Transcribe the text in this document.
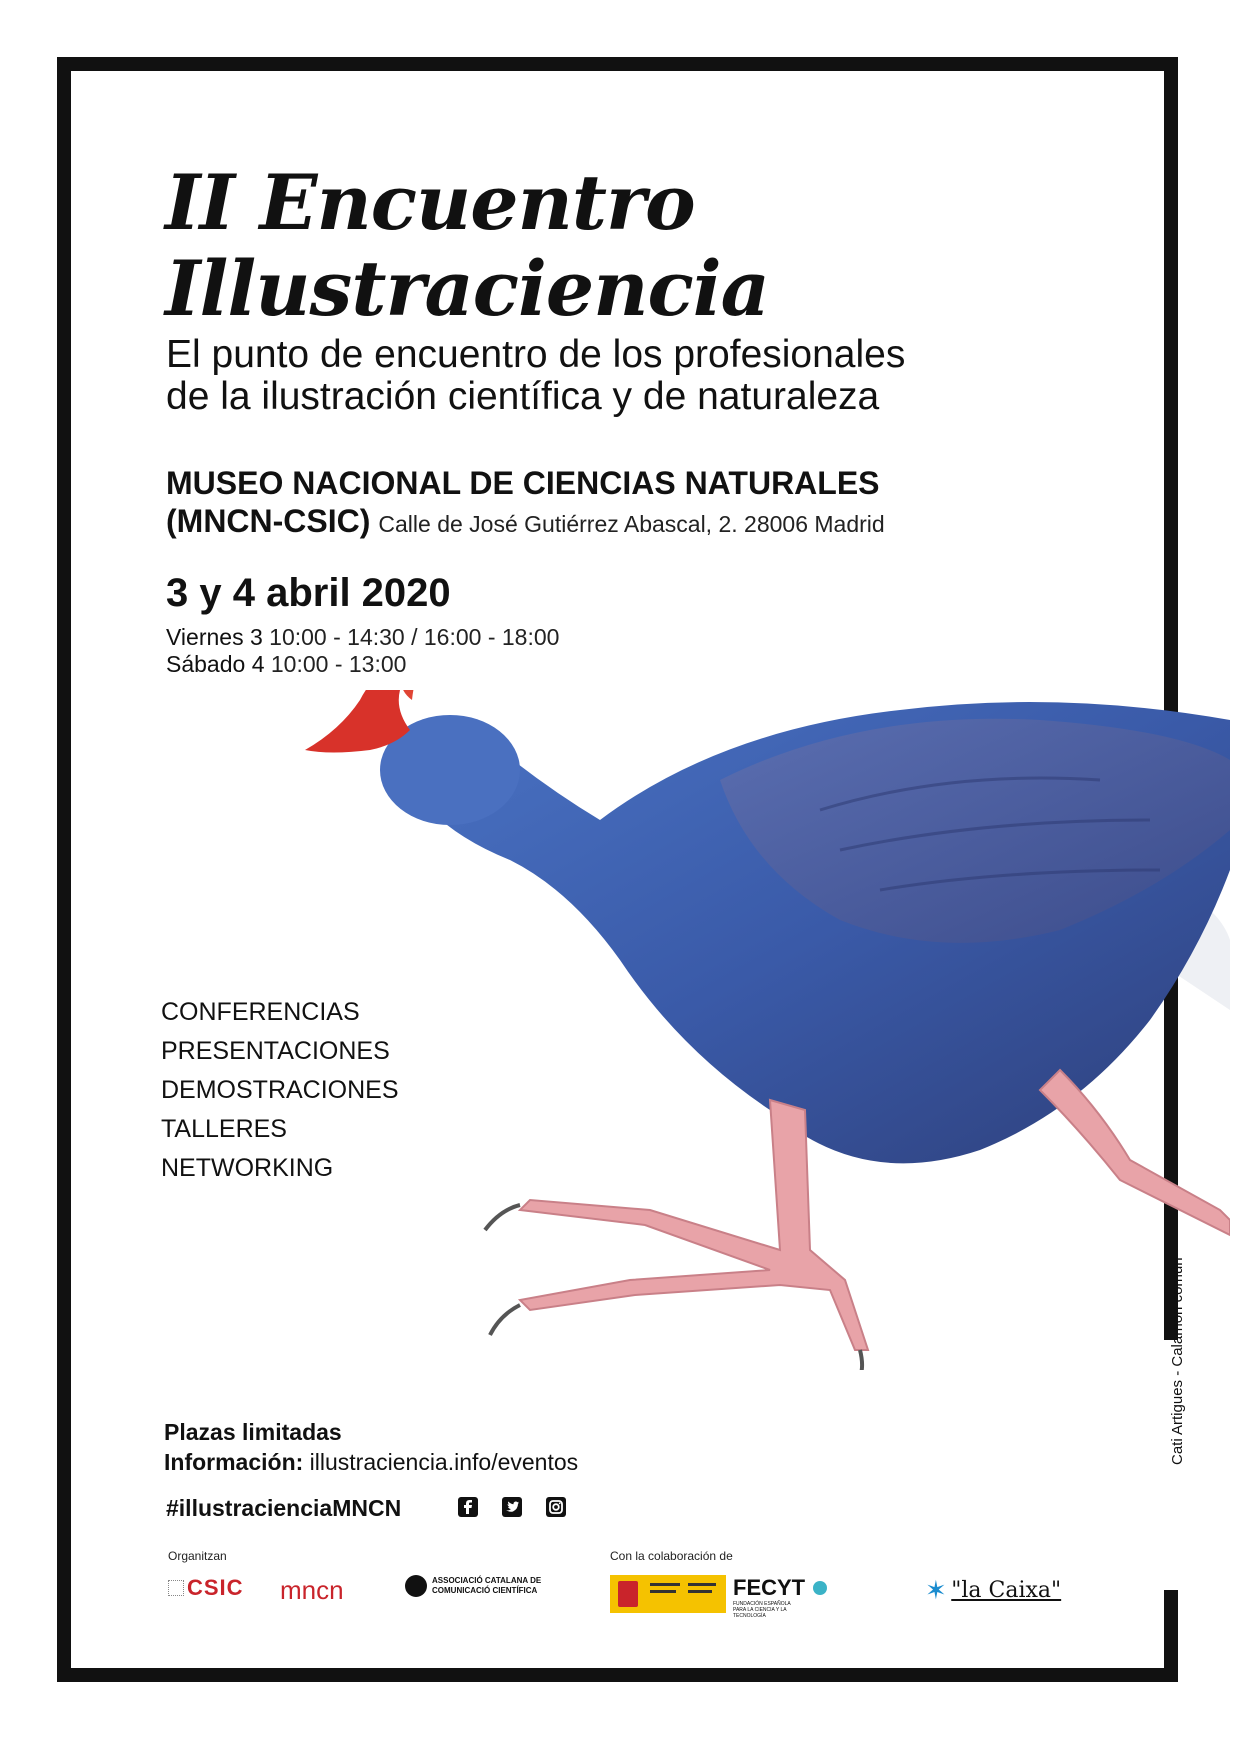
Cati Artigues - Calamón común
II Encuentro
Illustraciencia

El punto de encuentro de los profesionales
de la ilustración científica y de naturaleza

MUSEO NACIONAL DE CIENCIAS NATURALES
(MNCN-CSIC) Calle de José Gutiérrez Abascal, 2. 28006 Madrid
3 y 4 abril 2020
Viernes 3 10:00 - 14:30 / 16:00 - 18:00
Sábado 4 10:00 - 13:00
CONFERENCIAS
PRESENTACIONES
DEMOSTRACIONES
TALLERES
NETWORKING
Plazas limitadas
Información: illustraciencia.info/eventos
#illustracienciaMNCN
Organitzan	Con la colaboración de
CSIC	mncn	ASSOCIACIÓ CATALANA DE COMUNICACIÓ CIENTÍFICA	FECYT  FUNDACIÓN ESPAÑOLA PARA LA CIENCIA Y LA TECNOLOGÍA
✶ "la Caixa"
